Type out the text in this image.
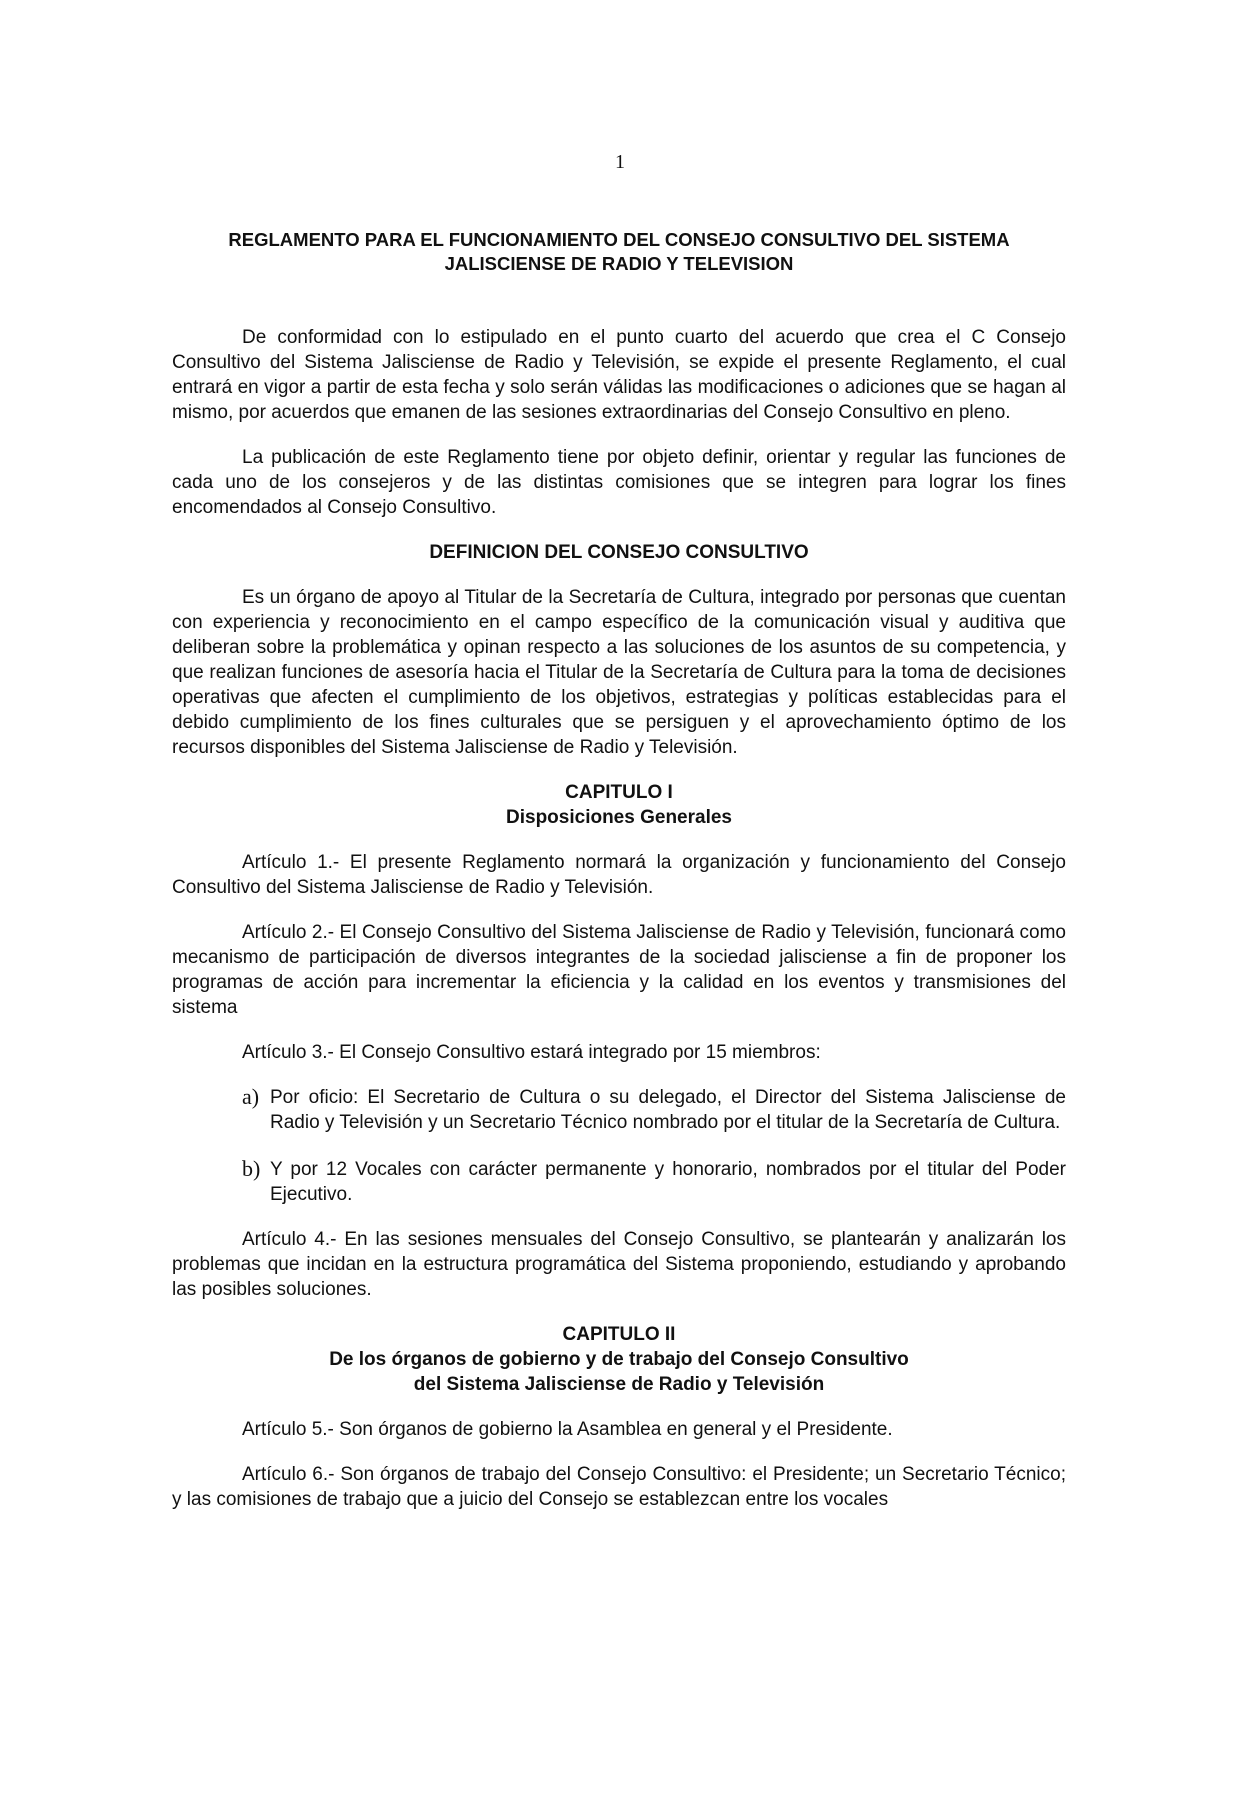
1

REGLAMENTO PARA EL FUNCIONAMIENTO DEL CONSEJO CONSULTIVO DEL SISTEMA
JALISCIENSE DE RADIO Y TELEVISION

De conformidad con lo estipulado en el punto cuarto del acuerdo que crea el C Consejo Consultivo del Sistema Jalisciense de Radio y Televisión, se expide el presente Reglamento, el cual entrará en vigor a partir de esta fecha y solo serán válidas las modificaciones o adiciones que se hagan al mismo, por acuerdos que emanen de las sesiones extraordinarias del Consejo Consultivo en pleno.

La publicación de este Reglamento tiene por objeto definir, orientar y regular las funciones de cada uno de los consejeros y de las distintas comisiones que se integren para lograr los fines encomendados al Consejo Consultivo.

DEFINICION DEL CONSEJO CONSULTIVO

Es un órgano de apoyo al Titular de la Secretaría de Cultura, integrado por personas que cuentan con experiencia y reconocimiento en el campo específico de la comunicación visual y auditiva que deliberan sobre la problemática y opinan respecto a las soluciones de los asuntos de su competencia, y que realizan funciones de asesoría hacia el Titular de la Secretaría de Cultura para la toma de decisiones operativas que afecten el cumplimiento de los objetivos, estrategias y políticas establecidas para el debido cumplimiento de los fines culturales que se persiguen y el aprovechamiento óptimo de los recursos disponibles del Sistema Jalisciense de Radio y Televisión.

CAPITULO I
Disposiciones Generales

Artículo 1.- El presente Reglamento normará la organización y funcionamiento del Consejo Consultivo del Sistema Jalisciense de Radio y Televisión.

Artículo 2.- El Consejo Consultivo del Sistema Jalisciense de Radio y Televisión, funcionará como mecanismo de participación de diversos integrantes de la sociedad jalisciense a fin de proponer los programas de acción para incrementar la eficiencia y la calidad en los eventos y transmisiones del sistema

Artículo 3.- El Consejo Consultivo estará integrado por 15 miembros:

a) Por oficio: El Secretario de Cultura o su delegado, el Director del Sistema Jalisciense de Radio y Televisión y un Secretario Técnico nombrado por el titular de la Secretaría de Cultura.
b) Y por 12 Vocales con carácter permanente y honorario, nombrados por el titular del Poder Ejecutivo.

Artículo 4.- En las sesiones mensuales del Consejo Consultivo, se plantearán y analizarán los problemas que incidan en la estructura programática del Sistema proponiendo, estudiando y aprobando las posibles soluciones.

CAPITULO II
De los órganos de gobierno y de trabajo del Consejo Consultivo
del Sistema Jalisciense de Radio y Televisión

Artículo 5.- Son órganos de gobierno la Asamblea en general y el Presidente.

Artículo 6.- Son órganos de trabajo del Consejo Consultivo: el Presidente; un Secretario Técnico; y las comisiones de trabajo que a juicio del Consejo se establezcan entre los vocales
